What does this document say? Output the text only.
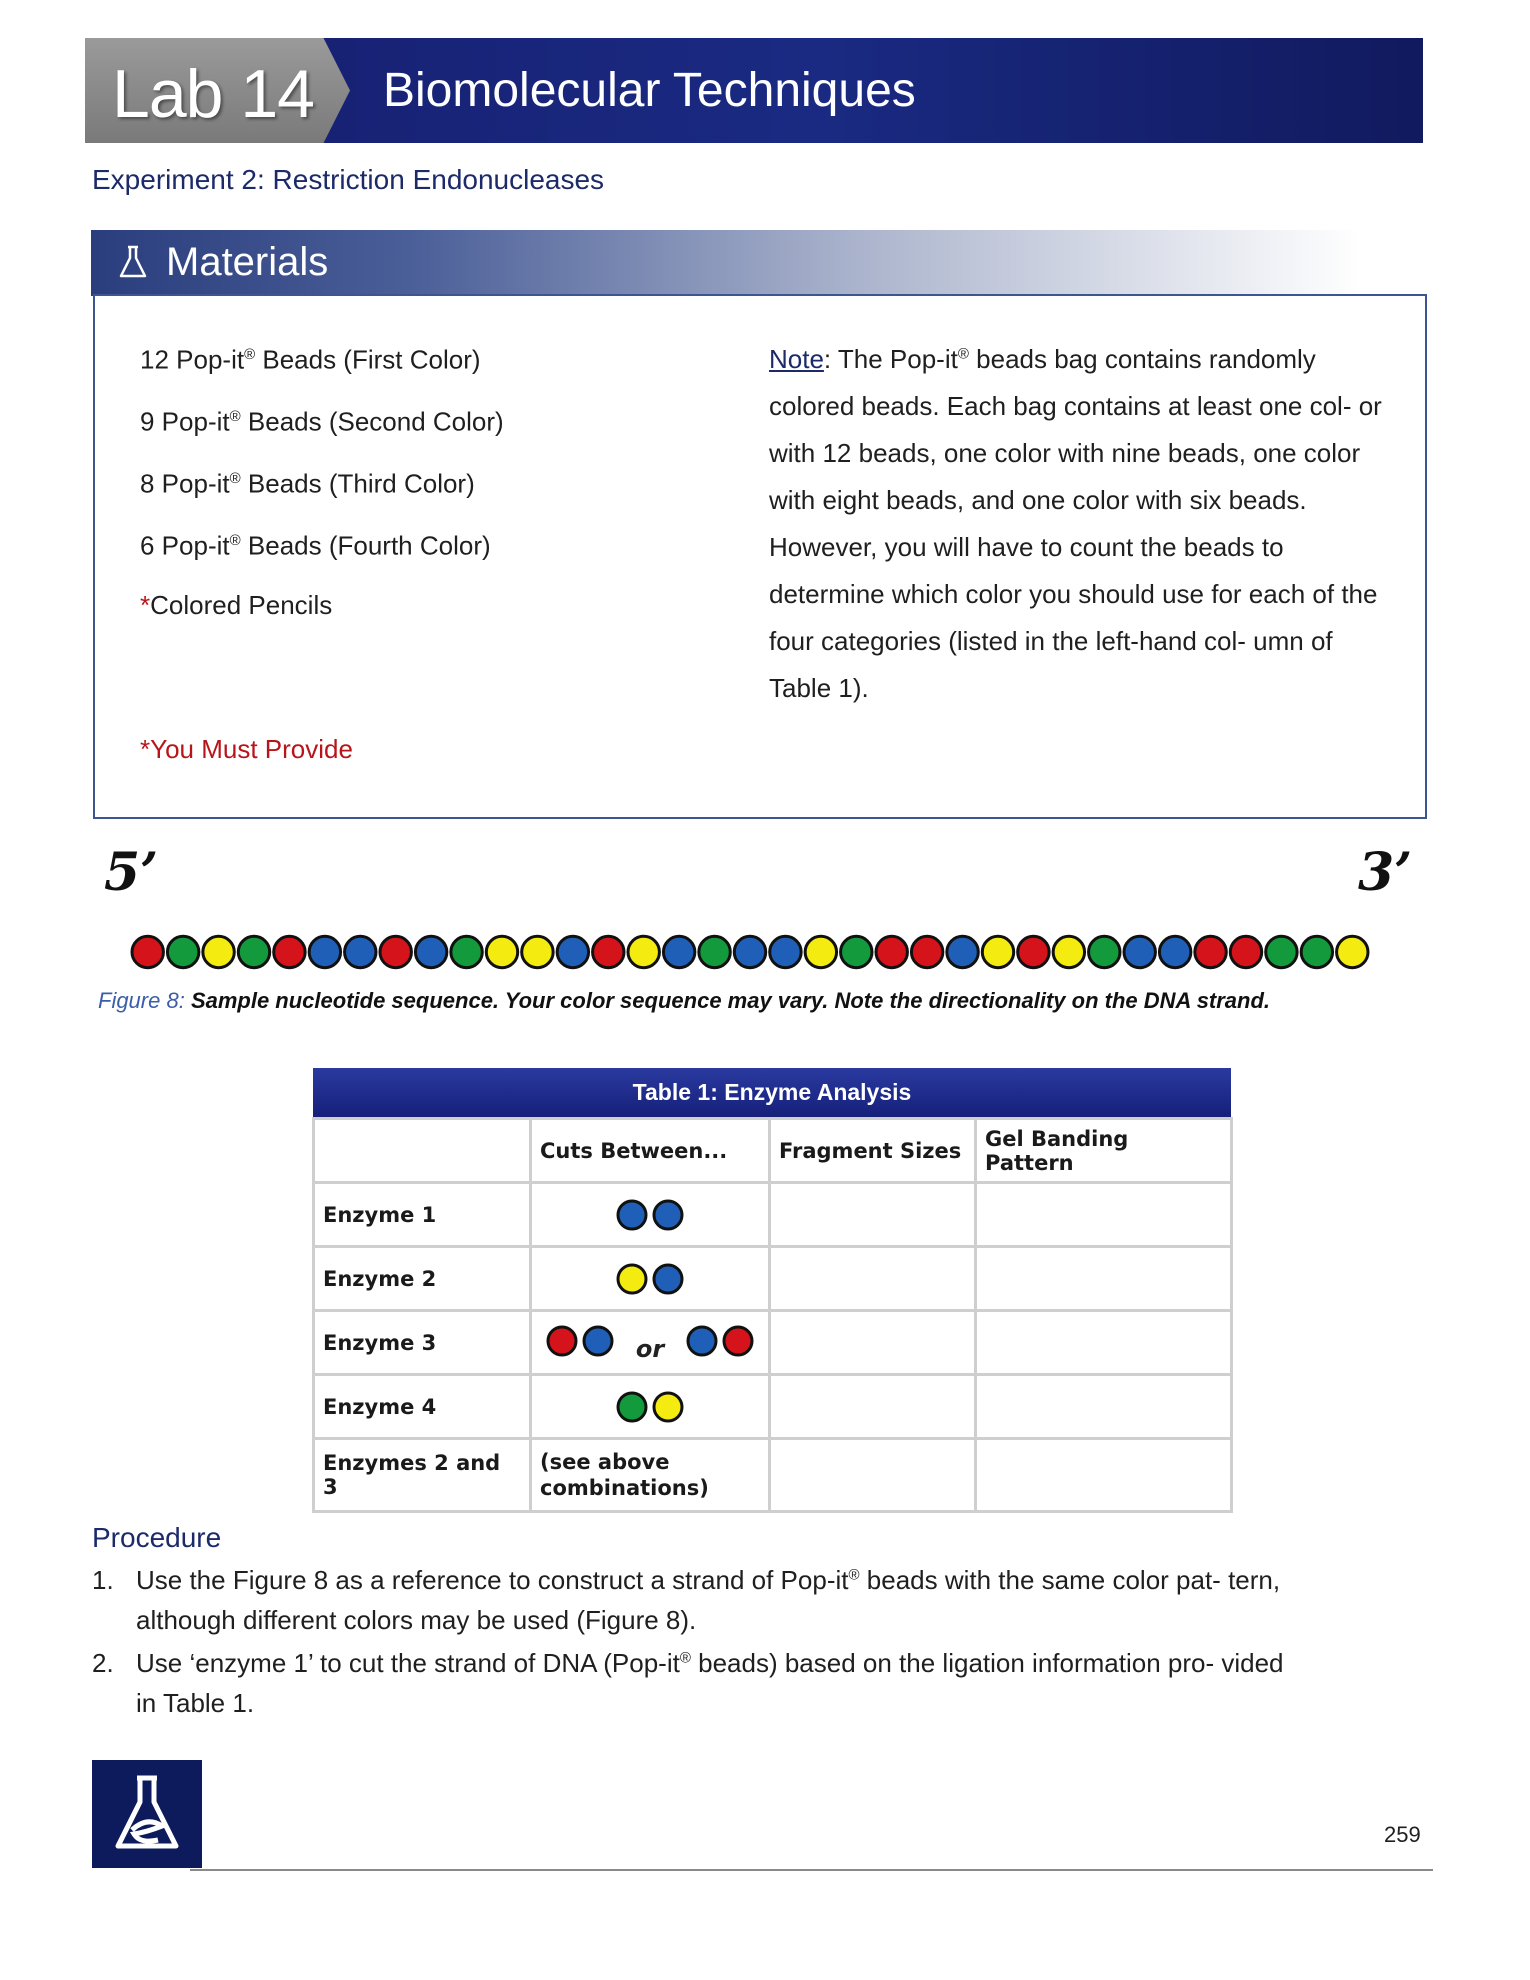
Lab 14 Biomolecular Techniques
Experiment 2: Restriction Endonucleases
Materials
12 Pop-it® Beads (First Color)
9 Pop-it® Beads (Second Color)
8 Pop-it® Beads (Third Color)
6 Pop-it® Beads (Fourth Color)
*Colored Pencils
*You Must Provide
Note: The Pop-it® beads bag contains randomly colored beads. Each bag contains at least one col- or with 12 beads, one color with nine beads, one color with eight beads, and one color with six beads. However, you will have to count the beads to determine which color you should use for each of the four categories (listed in the left-hand col- umn of Table 1).
5’	3’
Figure 8: Sample nucleotide sequence. Your color sequence may vary. Note the directionality on the DNA strand.
Table 1: Enzyme Analysis
	Cuts Between...	Fragment Sizes	Gel Banding Pattern
Enzyme 1	

Enzyme 2	

Enzyme 3	or		

Enzyme 4	

Enzymes 2 and 3	(see above combinations)		
Procedure
1. Use the Figure 8 as a reference to construct a strand of Pop-it® beads with the same color pat- tern, although different colors may be used (Figure 8).
2. Use ‘enzyme 1’ to cut the strand of DNA (Pop-it® beads) based on the ligation information pro- vided in Table 1.
259
